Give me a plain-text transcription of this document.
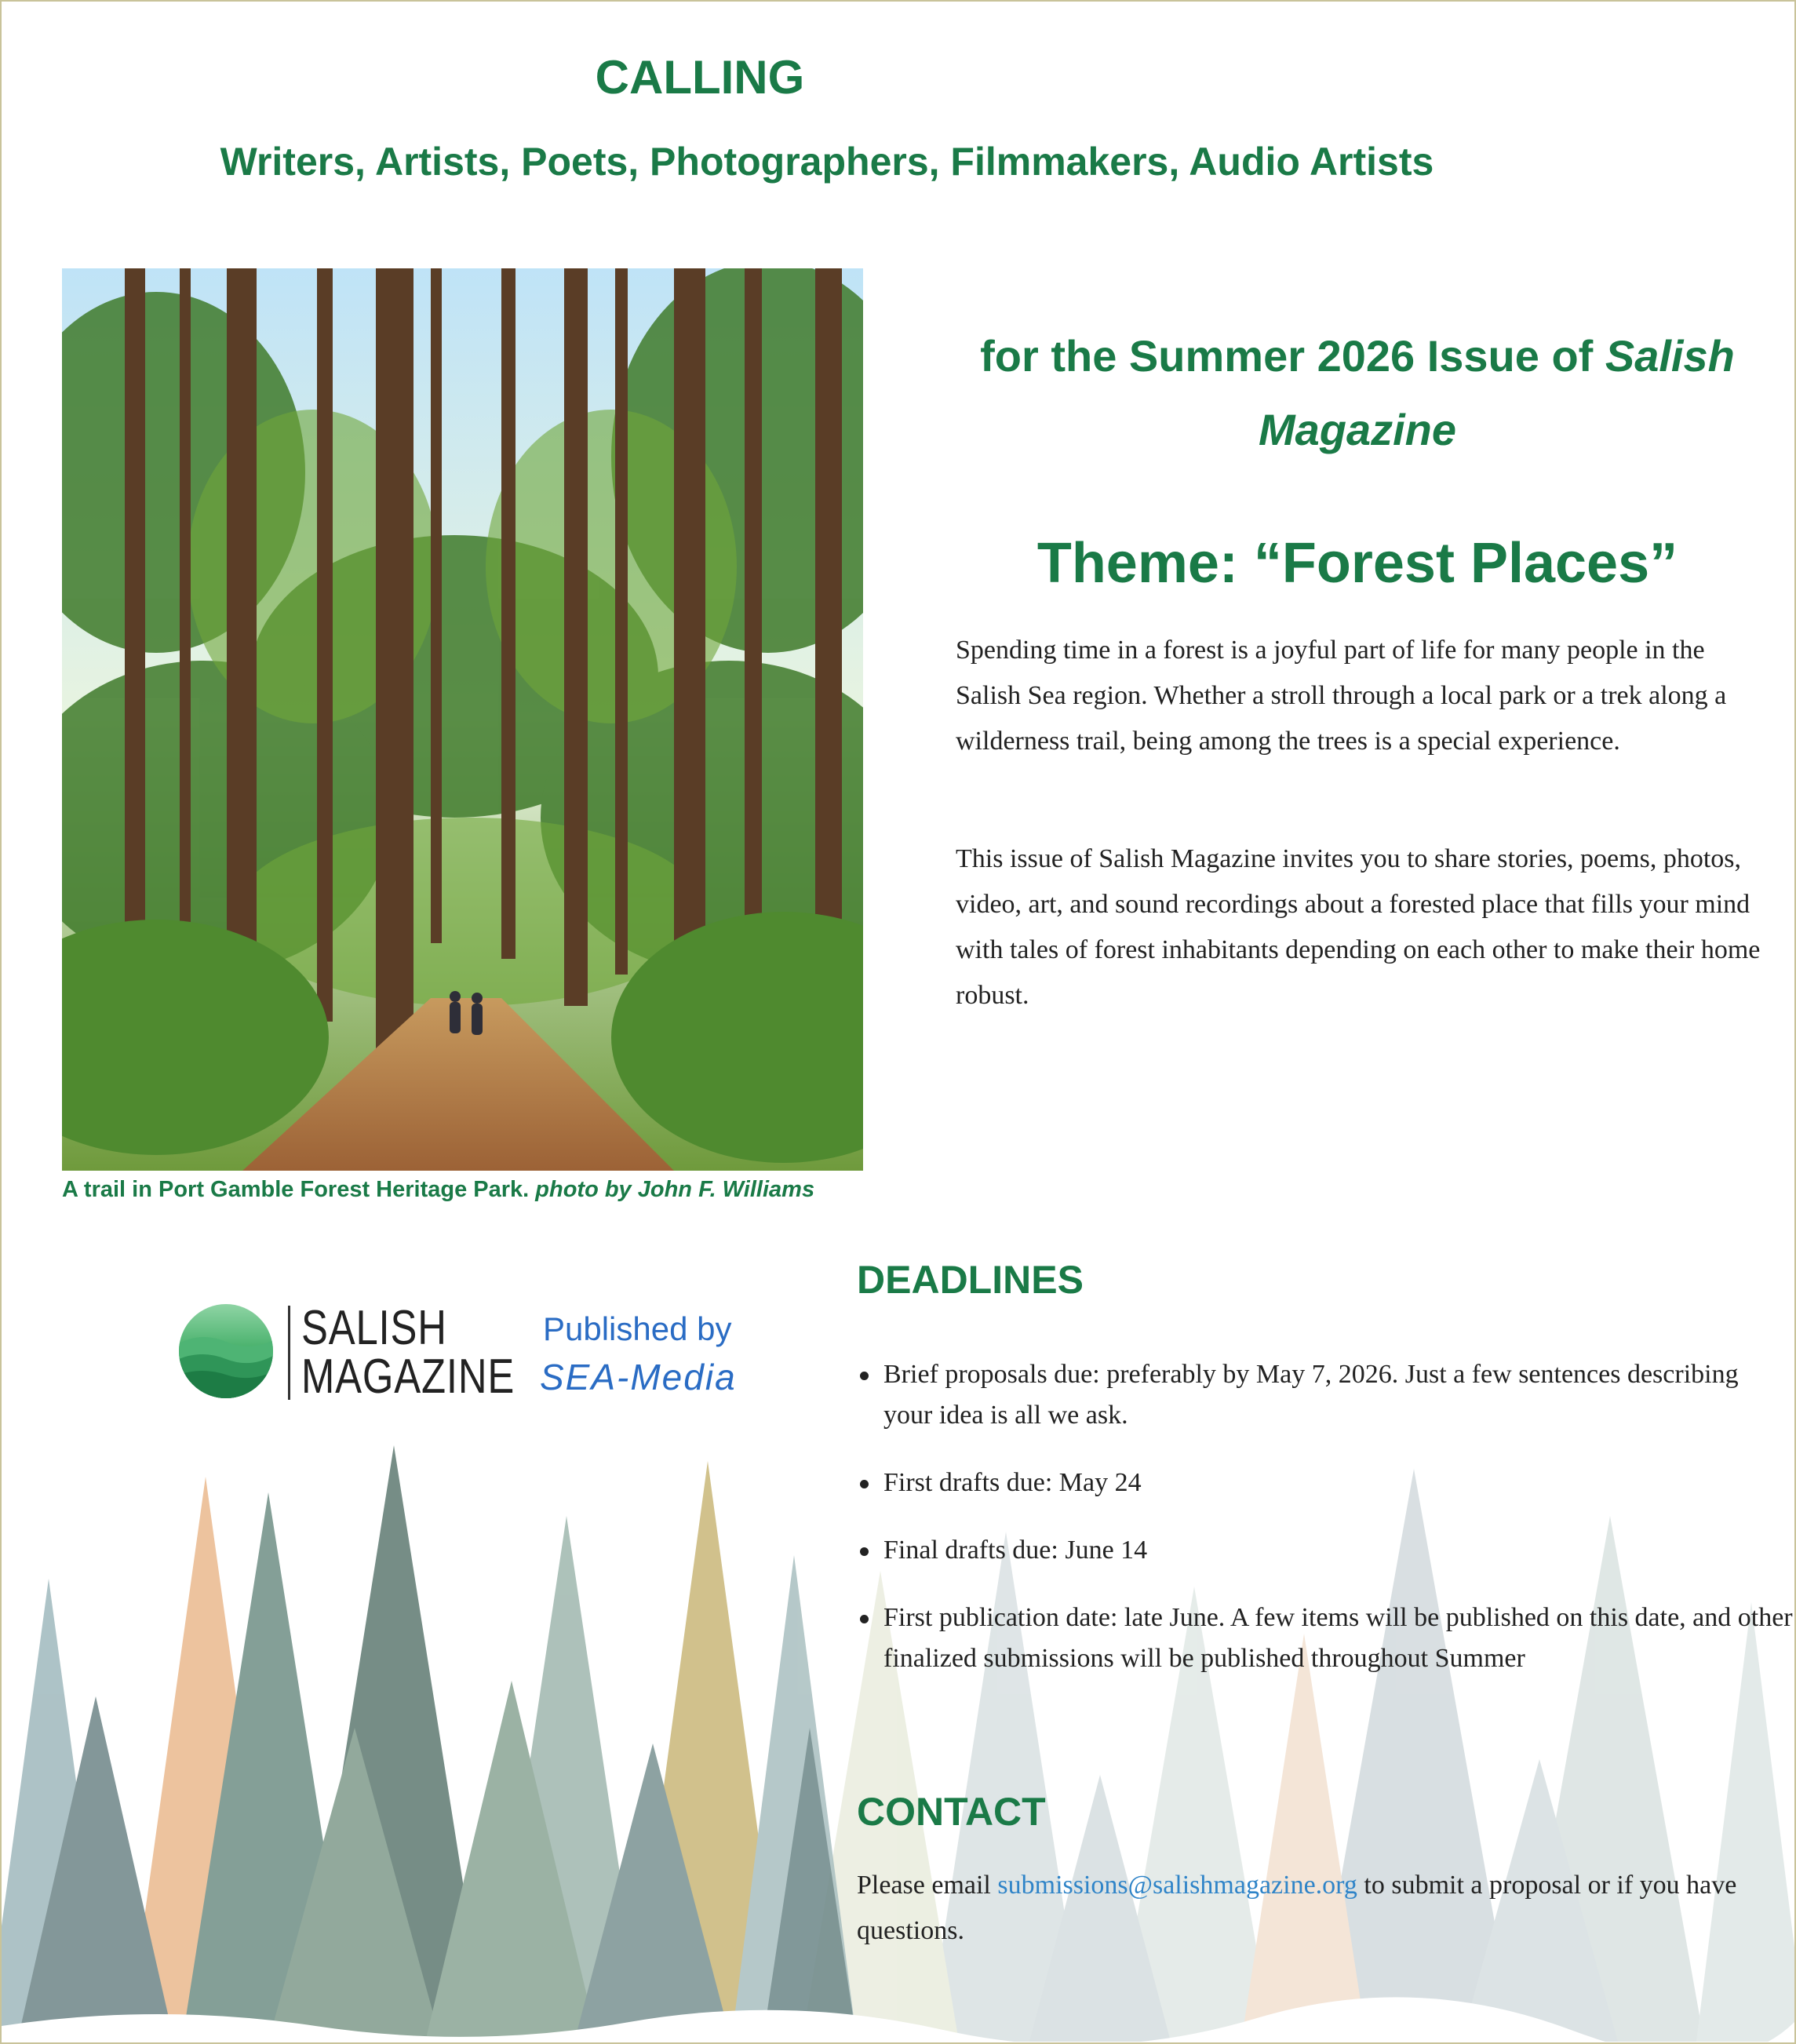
CALLING
Writers, Artists, Poets, Photographers, Filmmakers, Audio Artists
A trail in Port Gamble Forest Heritage Park. photo by John F. Williams
for the Summer 2026 Issue of Salish
Magazine
Theme: “Forest Places”

Spending time in a forest is a joyful part of life for many people in the Salish Sea region. Whether a stroll through a local park or a trek along a wilderness trail, being among the trees is a special experience.

This issue of Salish Magazine invites you to share stories, poems, photos, video, art, and sound recordings about a forested place that fills your mind with tales of forest inhabitants depending on each other to make their home robust.

SALISH
MAGAZINE
Published by
SEA-Media
DEADLINES
Brief proposals due: preferably by May 7, 2026. Just a few sentences describing your idea is all we ask.
First drafts due: May 24
Final drafts due: June 14
First publication date: late June. A few items will be published on this date, and other finalized submissions will be published throughout Summer
CONTACT
Please email submissions@salishmagazine.org to submit a proposal or if you have questions.
